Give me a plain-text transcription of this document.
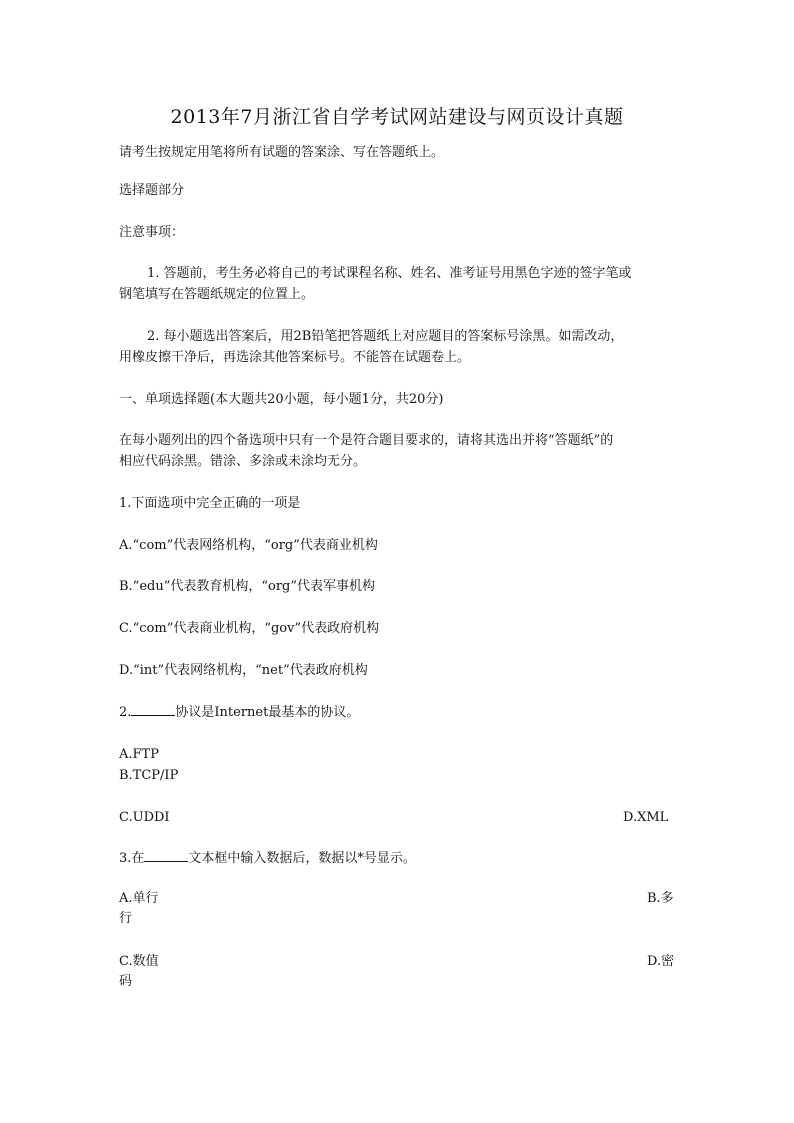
2013年7月浙江省自学考试网站建设与网页设计真题
请考生按规定用笔将所有试题的答案涂、写在答题纸上。
选择题部分
注意事项：
1. 答题前，考生务必将自己的考试课程名称、姓名、准考证号用黑色字迹的签字笔或
钢笔填写在答题纸规定的位置上。
2. 每小题选出答案后，用2B铅笔把答题纸上对应题目的答案标号涂黑。如需改动，
用橡皮擦干净后，再选涂其他答案标号。不能答在试题卷上。
一、单项选择题(本大题共20小题，每小题1分，共20分)
在每小题列出的四个备选项中只有一个是符合题目要求的，请将其选出并将“答题纸”的
相应代码涂黑。错涂、多涂或未涂均无分。
1.下面选项中完全正确的一项是
A.“com”代表网络机构，“org”代表商业机构
B.“edu”代表教育机构，“org”代表军事机构
C.“com”代表商业机构，“gov”代表政府机构
D.“int”代表网络机构，“net”代表政府机构
2.	协议是Internet最基本的协议。
A.FTP
B.TCP/IP
C.UDDI	D.XML
3.在	文本框中输入数据后，数据以*号显示。
A.单行	B.多
行
C.数值	D.密
码
